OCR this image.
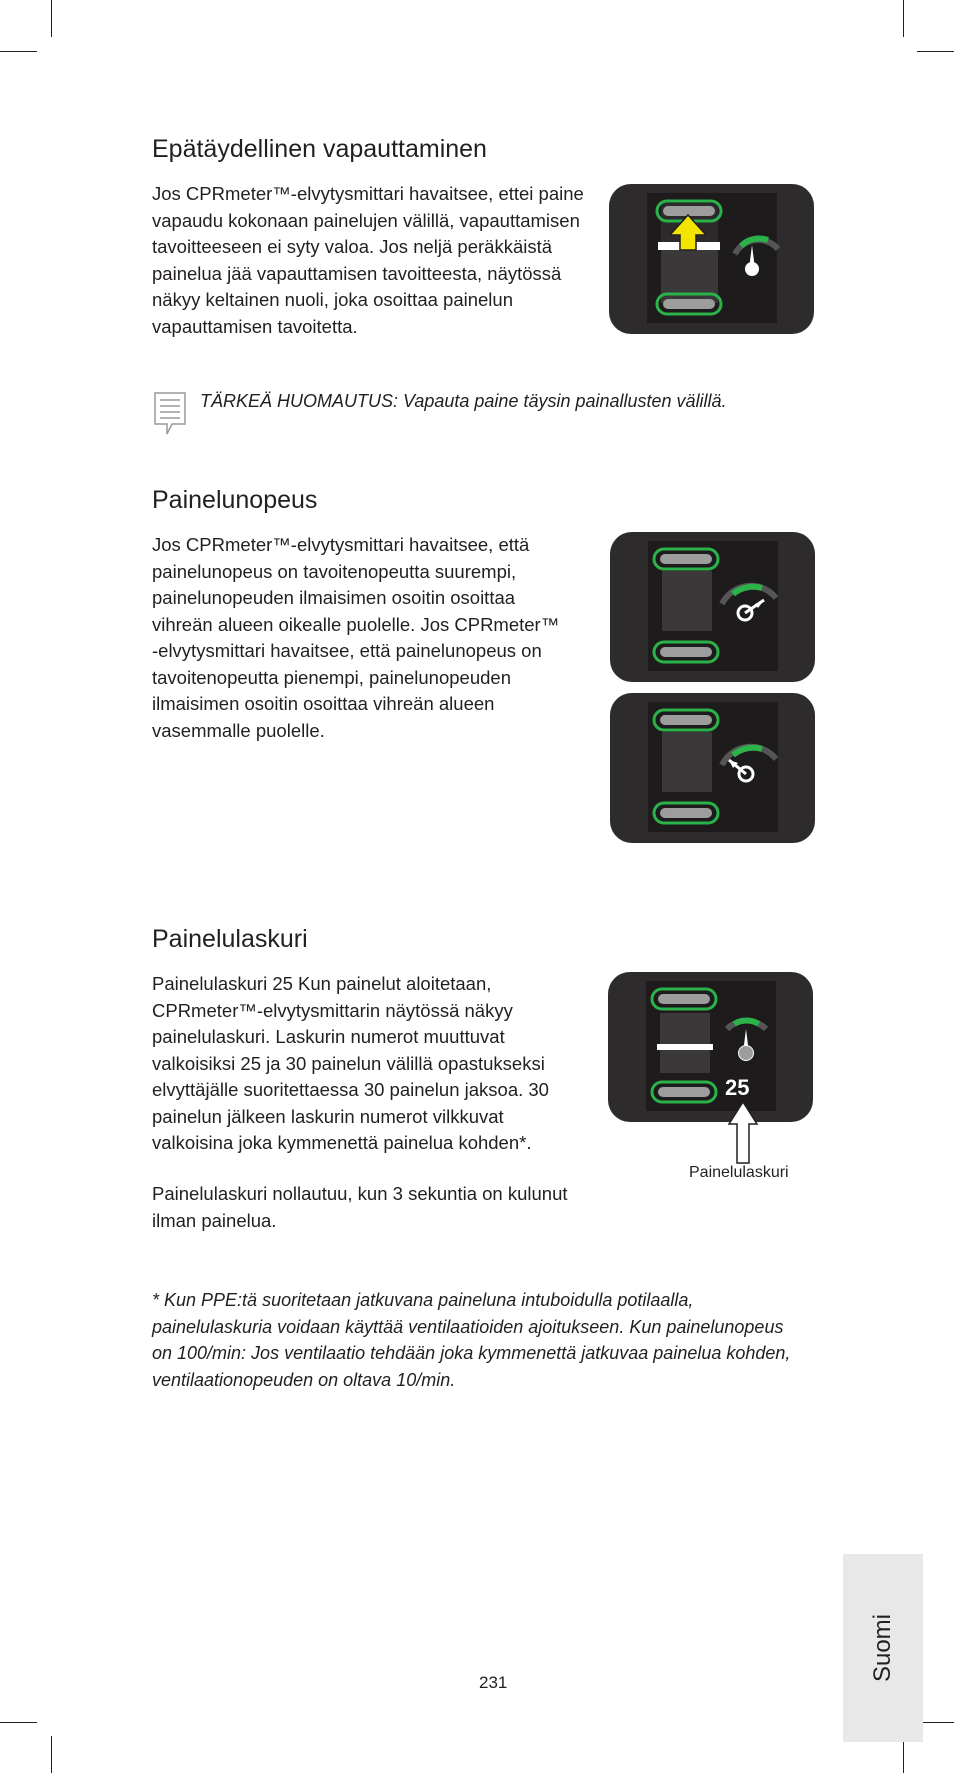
Epätäydellinen vapauttaminen
Jos CPRmeter™-elvytysmittari havaitsee, ettei paine
vapaudu kokonaan painelujen välillä, vapauttamisen
tavoitteeseen ei syty valoa. Jos neljä peräkkäistä
painelua jää vapauttamisen tavoitteesta, näytössä
näkyy keltainen nuoli, joka osoittaa painelun
vapauttamisen tavoitetta.
TÄRKEÄ HUOMAUTUS: Vapauta paine täysin painallusten välillä.
Painelunopeus
Jos CPRmeter™-elvytysmittari havaitsee, että
painelunopeus on tavoitenopeutta suurempi,
painelunopeuden ilmaisimen osoitin osoittaa
vihreän alueen oikealle puolelle. Jos CPRmeter™
-elvytysmittari havaitsee, että painelunopeus on
tavoitenopeutta pienempi, painelunopeuden
ilmaisimen osoitin osoittaa vihreän alueen
vasemmalle puolelle.
Painelulaskuri
Painelulaskuri 25 Kun painelut aloitetaan,
CPRmeter™-elvytysmittarin näytössä näkyy
painelulaskuri. Laskurin numerot muuttuvat
valkoisiksi 25 ja 30 painelun välillä opastukseksi
elvyttäjälle suoritettaessa 30 painelun jaksoa. 30
painelun jälkeen laskurin numerot vilkkuvat
valkoisina joka kymmenettä painelua kohden*.
Painelulaskuri nollautuu, kun 3 sekuntia on kulunut
ilman painelua.
25
Painelulaskuri
* Kun PPE:tä suoritetaan jatkuvana paineluna intuboidulla potilaalla,
painelulaskuria voidaan käyttää ventilaatioiden ajoitukseen. Kun painelunopeus
on 100/min: Jos ventilaatio tehdään joka kymmenettä jatkuvaa painelua kohden,
ventilaationopeuden on oltava 10/min.
231
Suomi
